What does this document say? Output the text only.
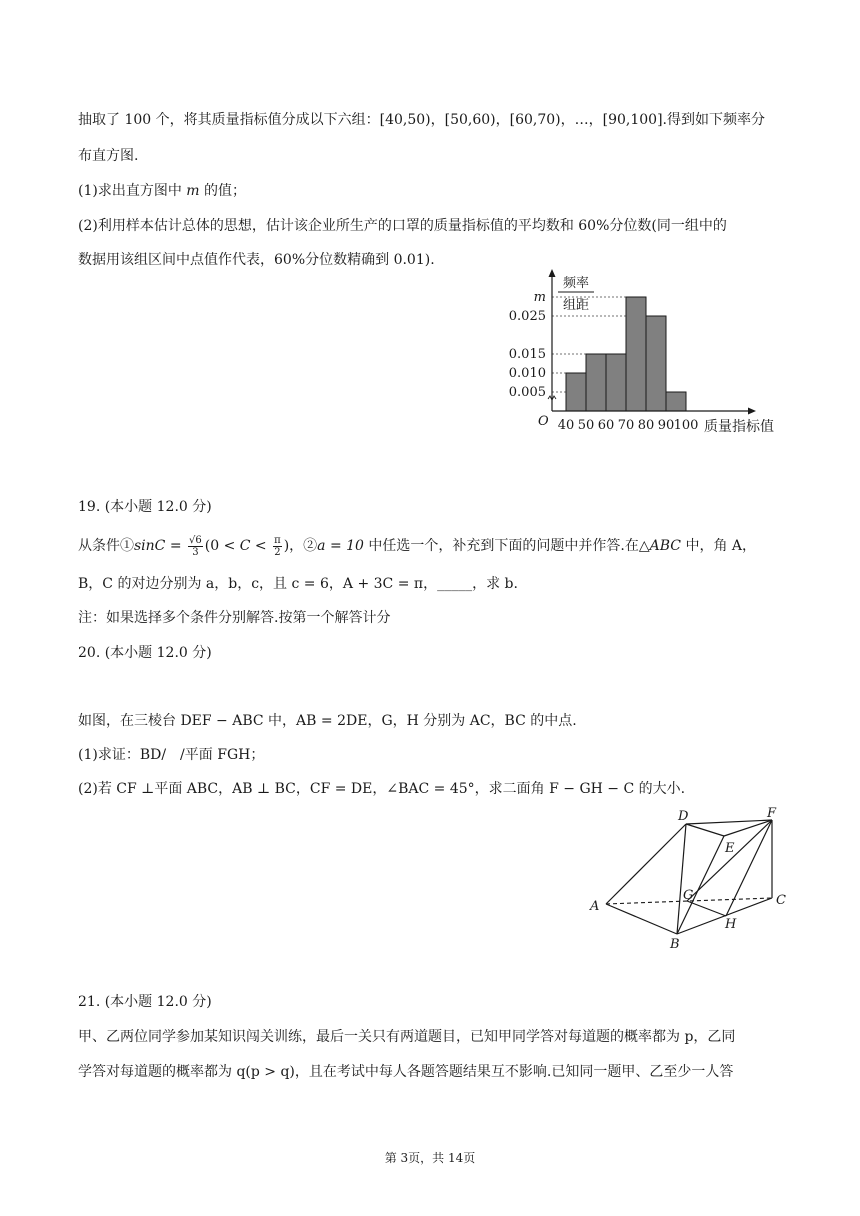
抽取了 100 个，将其质量指标值分成以下六组：[40,50)，[50,60)，[60,70)，…，[90,100].得到如下频率分
布直方图.
(1)求出直方图中 m 的值；
(2)利用样本估计总体的思想，估计该企业所生产的口罩的质量指标值的平均数和 60%分位数(同一组中的
数据用该组区间中点值作代表，60%分位数精确到 0.01).
0.005
0.010
0.015
0.025
m
40 50 60 70 80 90 100
O
频率
组距
质量指标值
19. (本小题 12.0 分)
从条件①sinC = $\frac{√6}{3} (0 < C < \frac{\pi}{2}$ )，②a = 10 中任选一个，补充到下面的问题中并作答.在△ABC 中，角 A，
B，C 的对边分别为 a，b，c，且 c = 6，A + 3C = π，_____，求 b.
注：如果选择多个条件分别解答.按第一个解答计分
20. (本小题 12.0 分)
如图，在三棱台 DEF − ABC 中，AB = 2DE，G，H 分别为 AC，BC 的中点.
(1)求证：BD/　/平面 FGH；
(2)若 CF ⊥平面 ABC，AB ⊥ BC，CF = DE，∠BAC = 45°，求二面角 F − GH − C 的大小.
A
B
C
D
E
F
G
H
21. (本小题 12.0 分)
甲、乙两位同学参加某知识闯关训练，最后一关只有两道题目，已知甲同学答对每道题的概率都为 p，乙同
学答对每道题的概率都为 q(p > q)，且在考试中每人各题答题结果互不影响.已知同一题甲、乙至少一人答
第 3页，共 14页
